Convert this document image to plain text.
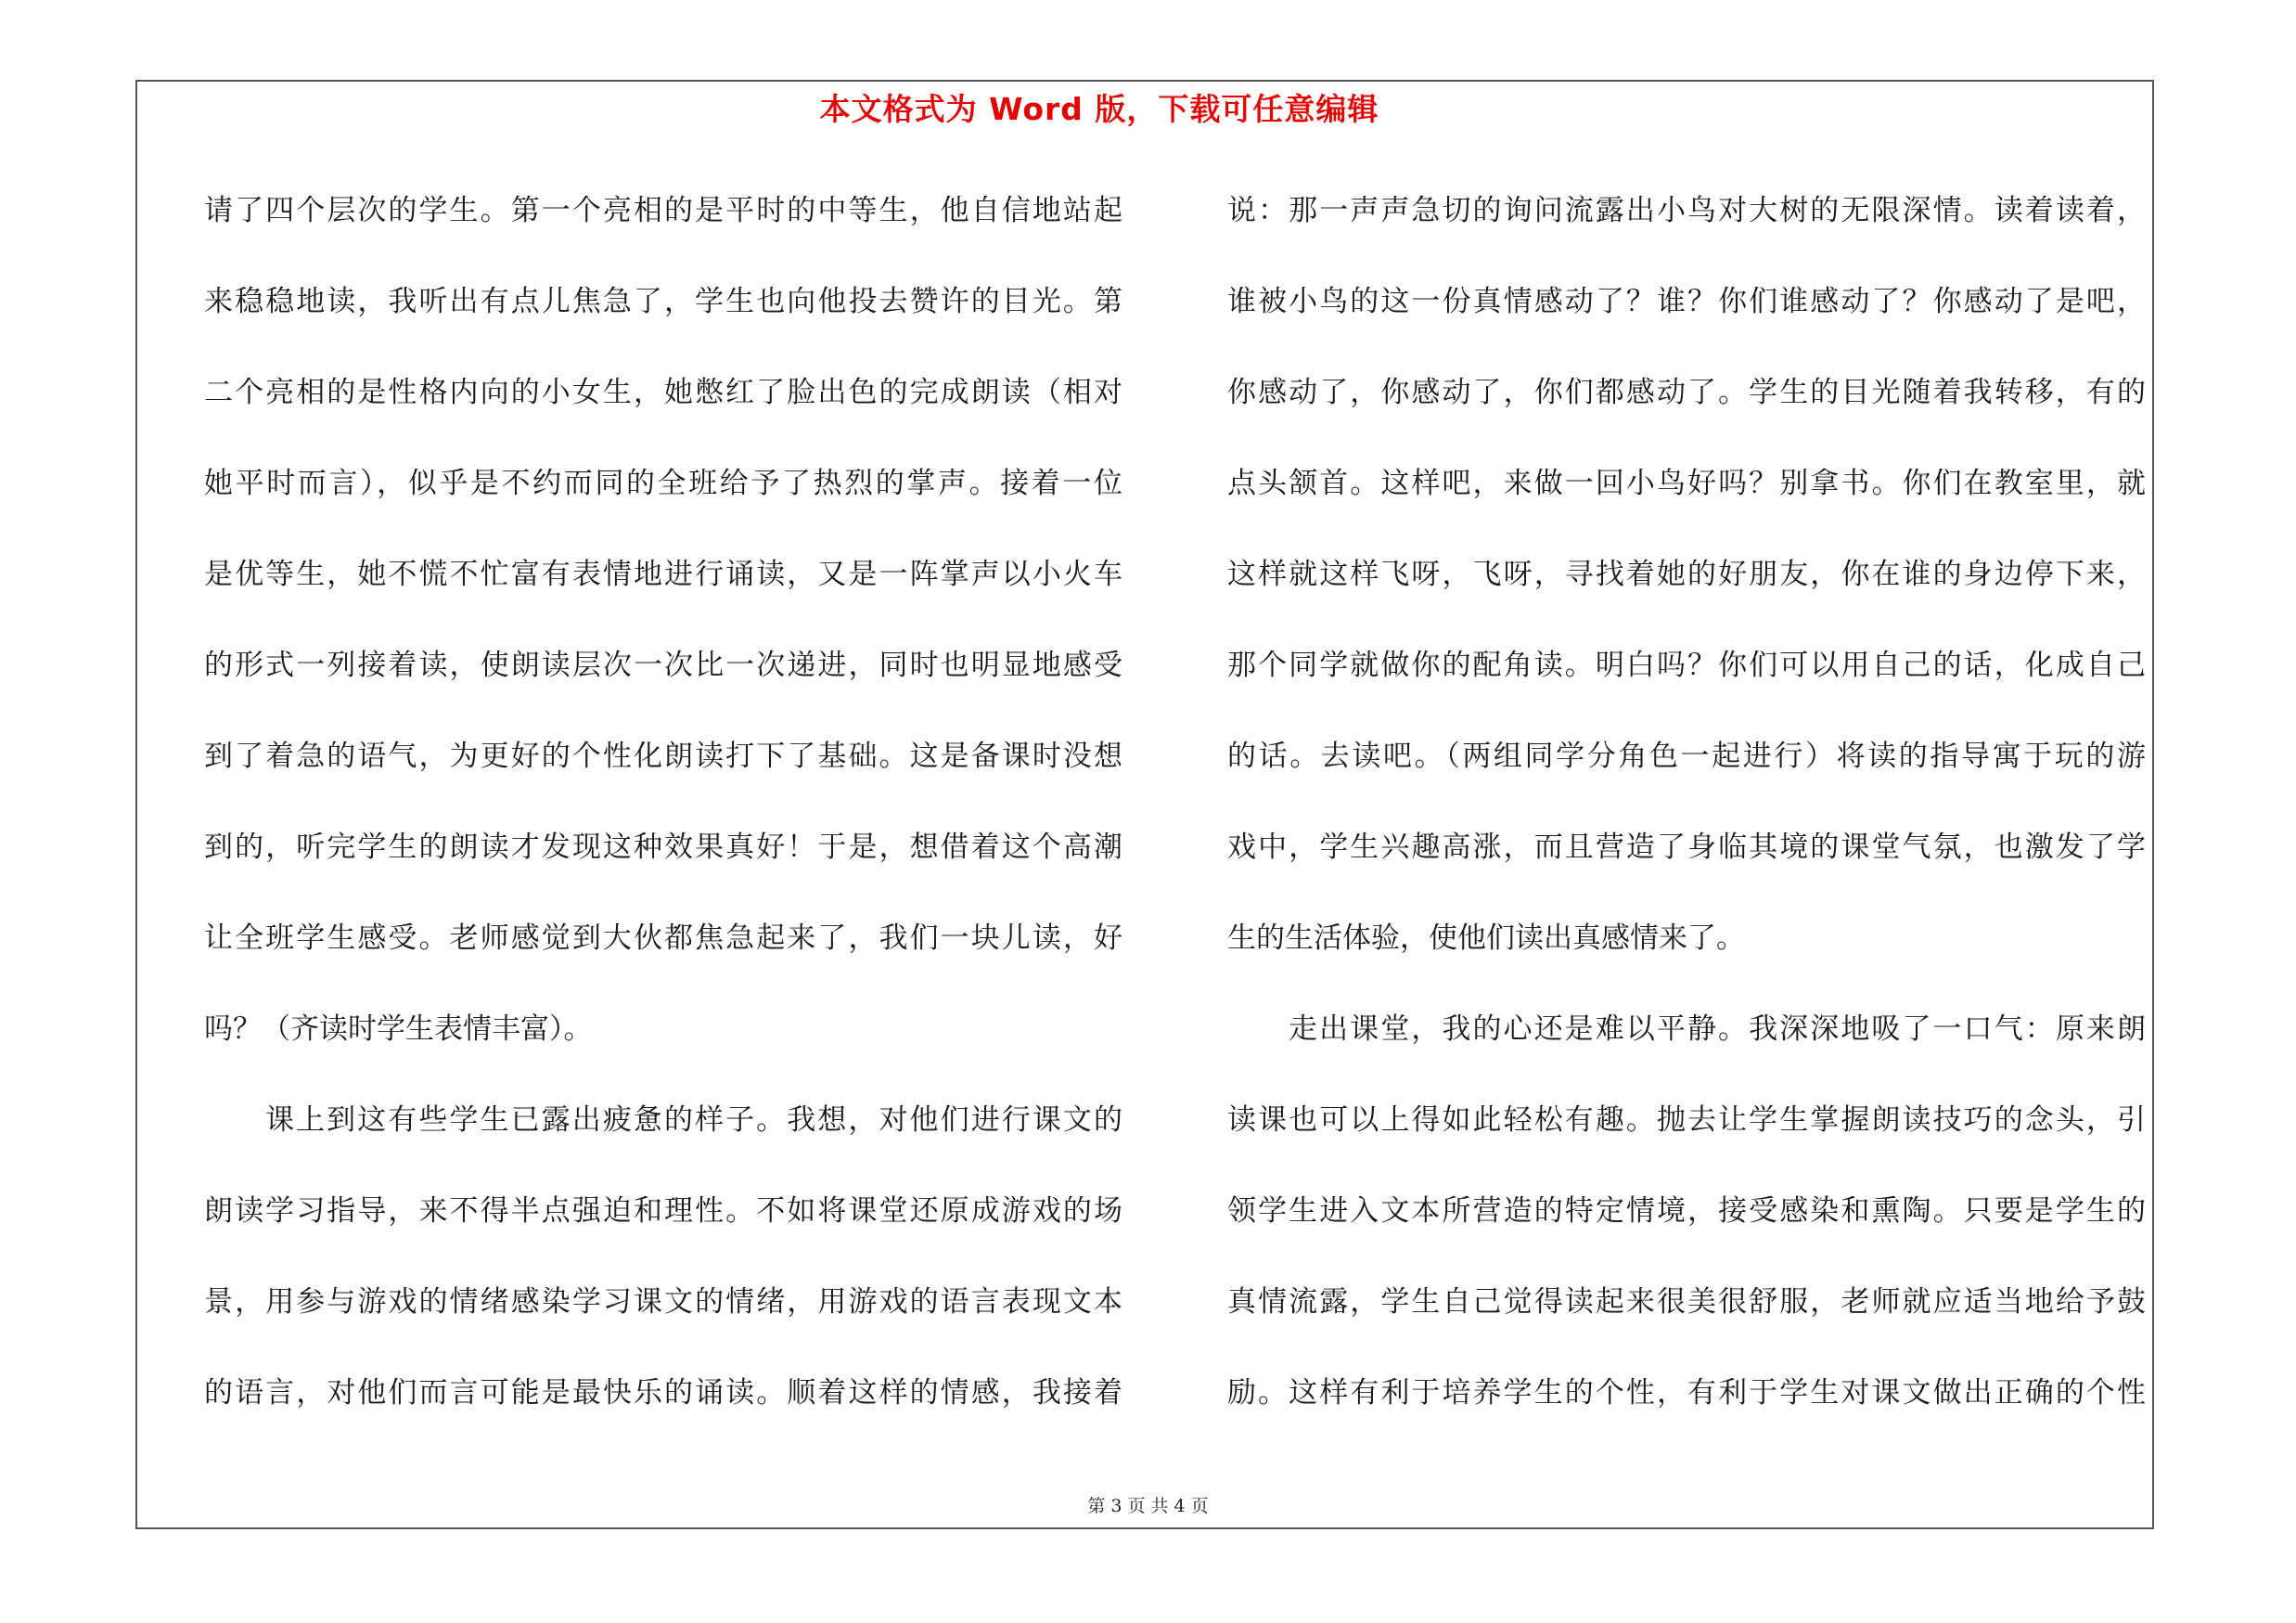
本文格式为 Word 版，下载可任意编辑
请了四个层次的学生。第一个亮相的是平时的中等生，他自信地站起
来稳稳地读，我听出有点儿焦急了，学生也向他投去赞许的目光。第
二个亮相的是性格内向的小女生，她憋红了脸出色的完成朗读（相对
她平时而言），似乎是不约而同的全班给予了热烈的掌声。接着一位
是优等生，她不慌不忙富有表情地进行诵读，又是一阵掌声以小火车
的形式一列接着读，使朗读层次一次比一次递进，同时也明显地感受
到了着急的语气，为更好的个性化朗读打下了基础。这是备课时没想
到的，听完学生的朗读才发现这种效果真好！于是，想借着这个高潮
让全班学生感受。老师感觉到大伙都焦急起来了，我们一块儿读，好
吗？（齐读时学生表情丰富）。
课上到这有些学生已露出疲惫的样子。我想，对他们进行课文的
朗读学习指导，来不得半点强迫和理性。不如将课堂还原成游戏的场
景，用参与游戏的情绪感染学习课文的情绪，用游戏的语言表现文本
的语言，对他们而言可能是最快乐的诵读。顺着这样的情感，我接着
说：那一声声急切的询问流露出小鸟对大树的无限深情。读着读着，
谁被小鸟的这一份真情感动了？谁？你们谁感动了？你感动了是吧，
你感动了，你感动了，你们都感动了。学生的目光随着我转移，有的
点头颔首。这样吧，来做一回小鸟好吗？别拿书。你们在教室里，就
这样就这样飞呀，飞呀，寻找着她的好朋友，你在谁的身边停下来，
那个同学就做你的配角读。明白吗？你们可以用自己的话，化成自己
的话。去读吧。（两组同学分角色一起进行）将读的指导寓于玩的游
戏中，学生兴趣高涨，而且营造了身临其境的课堂气氛，也激发了学
生的生活体验，使他们读出真感情来了。
走出课堂，我的心还是难以平静。我深深地吸了一口气：原来朗
读课也可以上得如此轻松有趣。抛去让学生掌握朗读技巧的念头，引
领学生进入文本所营造的特定情境，接受感染和熏陶。只要是学生的
真情流露，学生自己觉得读起来很美很舒服，老师就应适当地给予鼓
励。这样有利于培养学生的个性，有利于学生对课文做出正确的个性
第 3 页 共 4 页
